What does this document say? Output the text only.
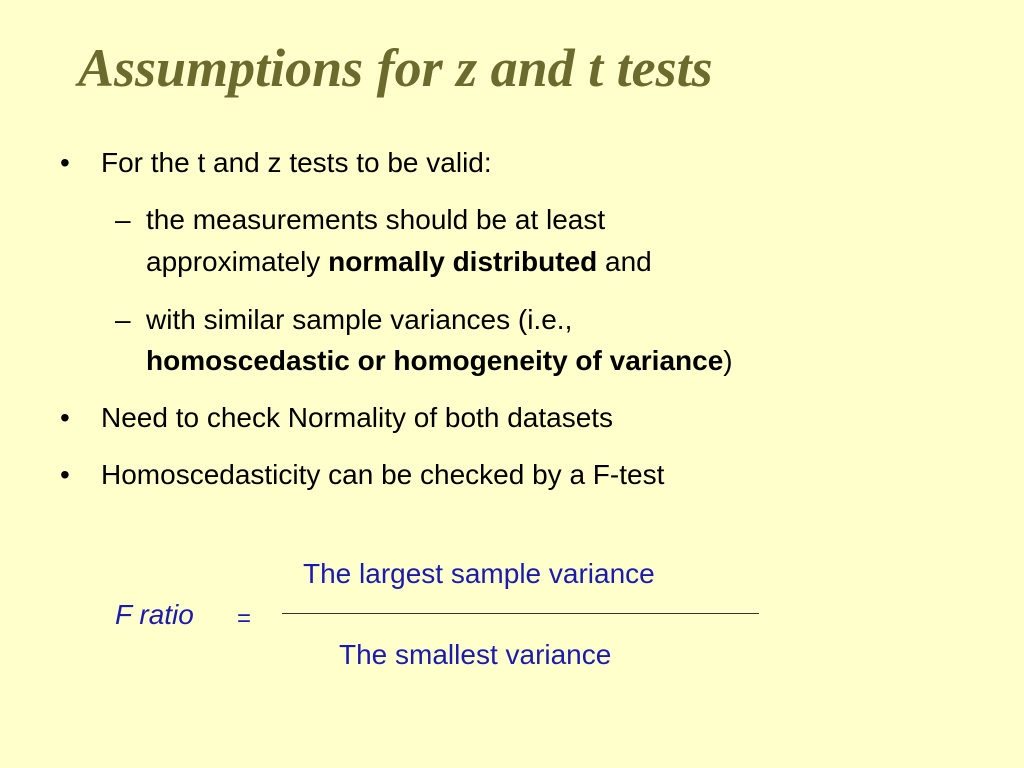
Assumptions for z and t tests
• For the t and z tests to be valid:
– the measurements should be at least
approximately normally distributed and
– with similar sample variances (i.e.,
homoscedastic or homogeneity of variance)
• Need to check Normality of both datasets
• Homoscedasticity can be checked by a F-test
The largest sample variance
F ratio =
The smallest variance
